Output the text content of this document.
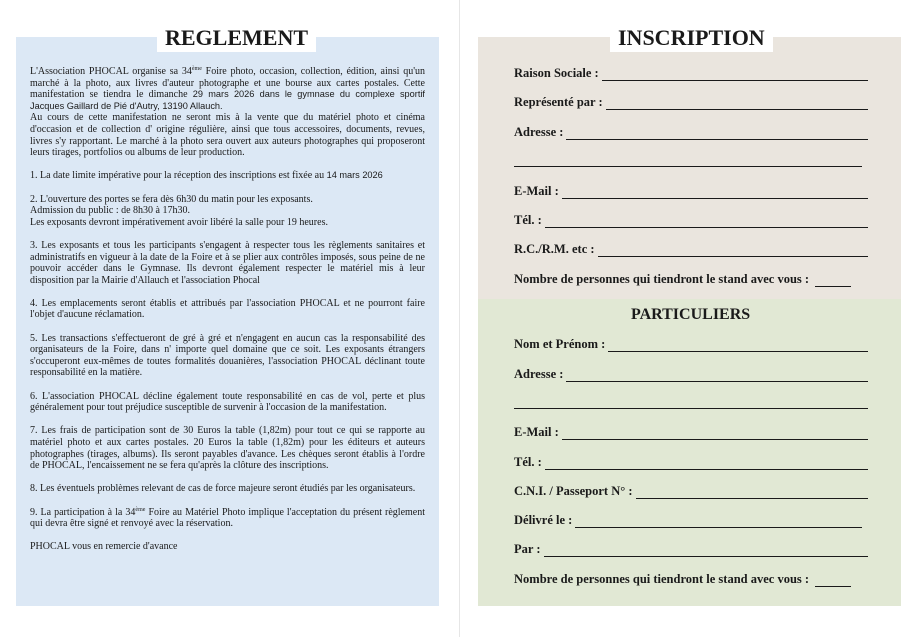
REGLEMENT

L'Association PHOCAL organise sa 34ème Foire photo, occasion, collection, édition, ainsi qu'un marché à la photo, aux livres d'auteur photographe et une bourse aux cartes postales. Cette manifestation se tiendra le dimanche 29 mars 2026 dans le gymnase du complexe sportif Jacques Gaillard de Pié d'Autry, 13190 Allauch.

Au cours de cette manifestation ne seront mis à la vente que du matériel photo et cinéma d'occasion et de collection d' origine régulière, ainsi que tous accessoires, documents, revues, livres s'y rapportant. Le marché à la photo sera ouvert aux auteurs photographes qui proposeront leurs tirages, portfolios ou albums de leur production.

1. La date limite impérative pour la réception des inscriptions est fixée au 14 mars 2026

2. L'ouverture des portes se fera dès 6h30 du matin pour les exposants.

Admission du public : de 8h30 à 17h30.

Les exposants devront impérativement avoir libéré la salle pour 19 heures.

3. Les exposants et tous les participants s'engagent à respecter tous les règlements sanitaires et administratifs en vigueur à la date de la Foire et à se plier aux contrôles imposés, sous peine de ne pouvoir accéder dans le Gymnase. Ils devront également respecter le matériel mis à leur disposition par la Mairie d'Allauch et l'association Phocal

4. Les emplacements seront établis et attribués par l'association PHOCAL et ne pourront faire l'objet d'aucune réclamation.

5. Les transactions s'effectueront de gré à gré et n'engagent en aucun cas la responsabilité des organisateurs de la Foire, dans n' importe quel domaine que ce soit. Les exposants étrangers s'occuperont eux-mêmes de toutes formalités douanières, l'association PHOCAL déclinant toute responsabilité en la matière.

6. L'association PHOCAL décline également toute responsabilité en cas de vol, perte et plus généralement pour tout préjudice susceptible de survenir à l'occasion de la manifestation.

7. Les frais de participation sont de 30 Euros la table (1,82m) pour tout ce qui se rapporte au matériel photo et aux cartes postales. 20 Euros la table (1,82m) pour les éditeurs et auteurs photographes (tirages, albums). Ils seront payables d'avance. Les chèques seront établis à l'ordre de PHOCAL, l'encaissement ne se fera qu'après la clôture des inscriptions.

8. Les éventuels problèmes relevant de cas de force majeure seront étudiés par les organisateurs.

9. La participation à la 34ème Foire au Matériel Photo implique l'acceptation du présent règlement qui devra être signé et renvoyé avec la réservation.

PHOCAL vous en remercie d'avance

INSCRIPTION
Raison Sociale :
Représenté par :
Adresse :
E-Mail :
Tél. :
R.C./R.M. etc :
Nombre de personnes qui tiendront le stand avec vous :
PARTICULIERS
Nom et Prénom :
Adresse :
E-Mail :
Tél. :
C.N.I. / Passeport N° :
Délivré le :
Par :
Nombre de personnes qui tiendront le stand avec vous :
